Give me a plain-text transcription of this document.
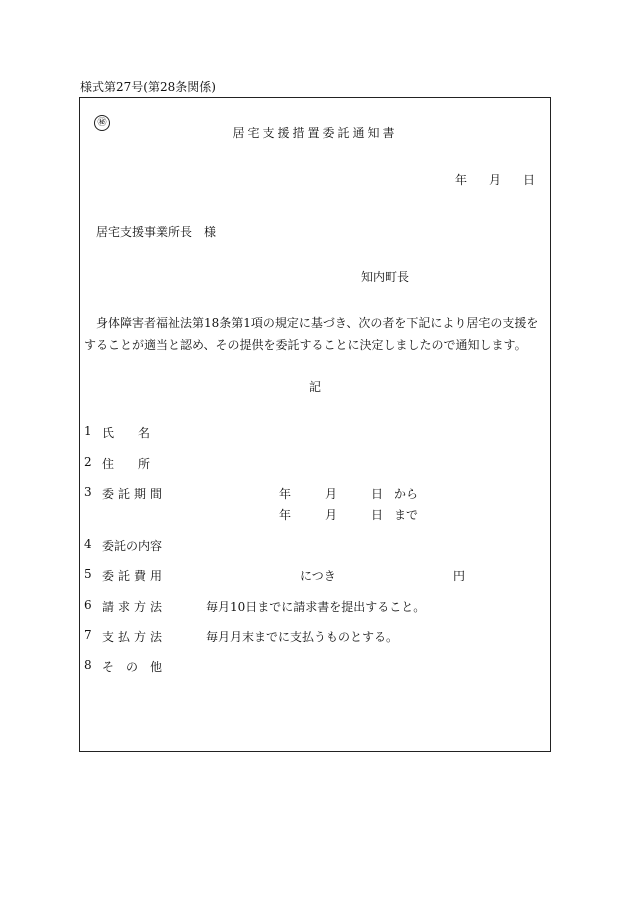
様式第27号(第28条関係)
㊙
居宅支援措置委託通知書
年 月 日
居宅支援事業所長　様
知内町長
身体障害者福祉法第18条第1項の規定に基づき、次の者を下記により居宅の支援をすることが適当と認め、その提供を委託することに決定しましたので通知します。
記
1 氏　　名
2 住　　所
3 委託期間	年	月	日 から
年	月	日 まで
4 委託の内容
5 委託費用	につき	円
6 請求方法	毎月10日までに請求書を提出すること。
7 支払方法	毎月月末までに支払うものとする。
8 そ　の　他
